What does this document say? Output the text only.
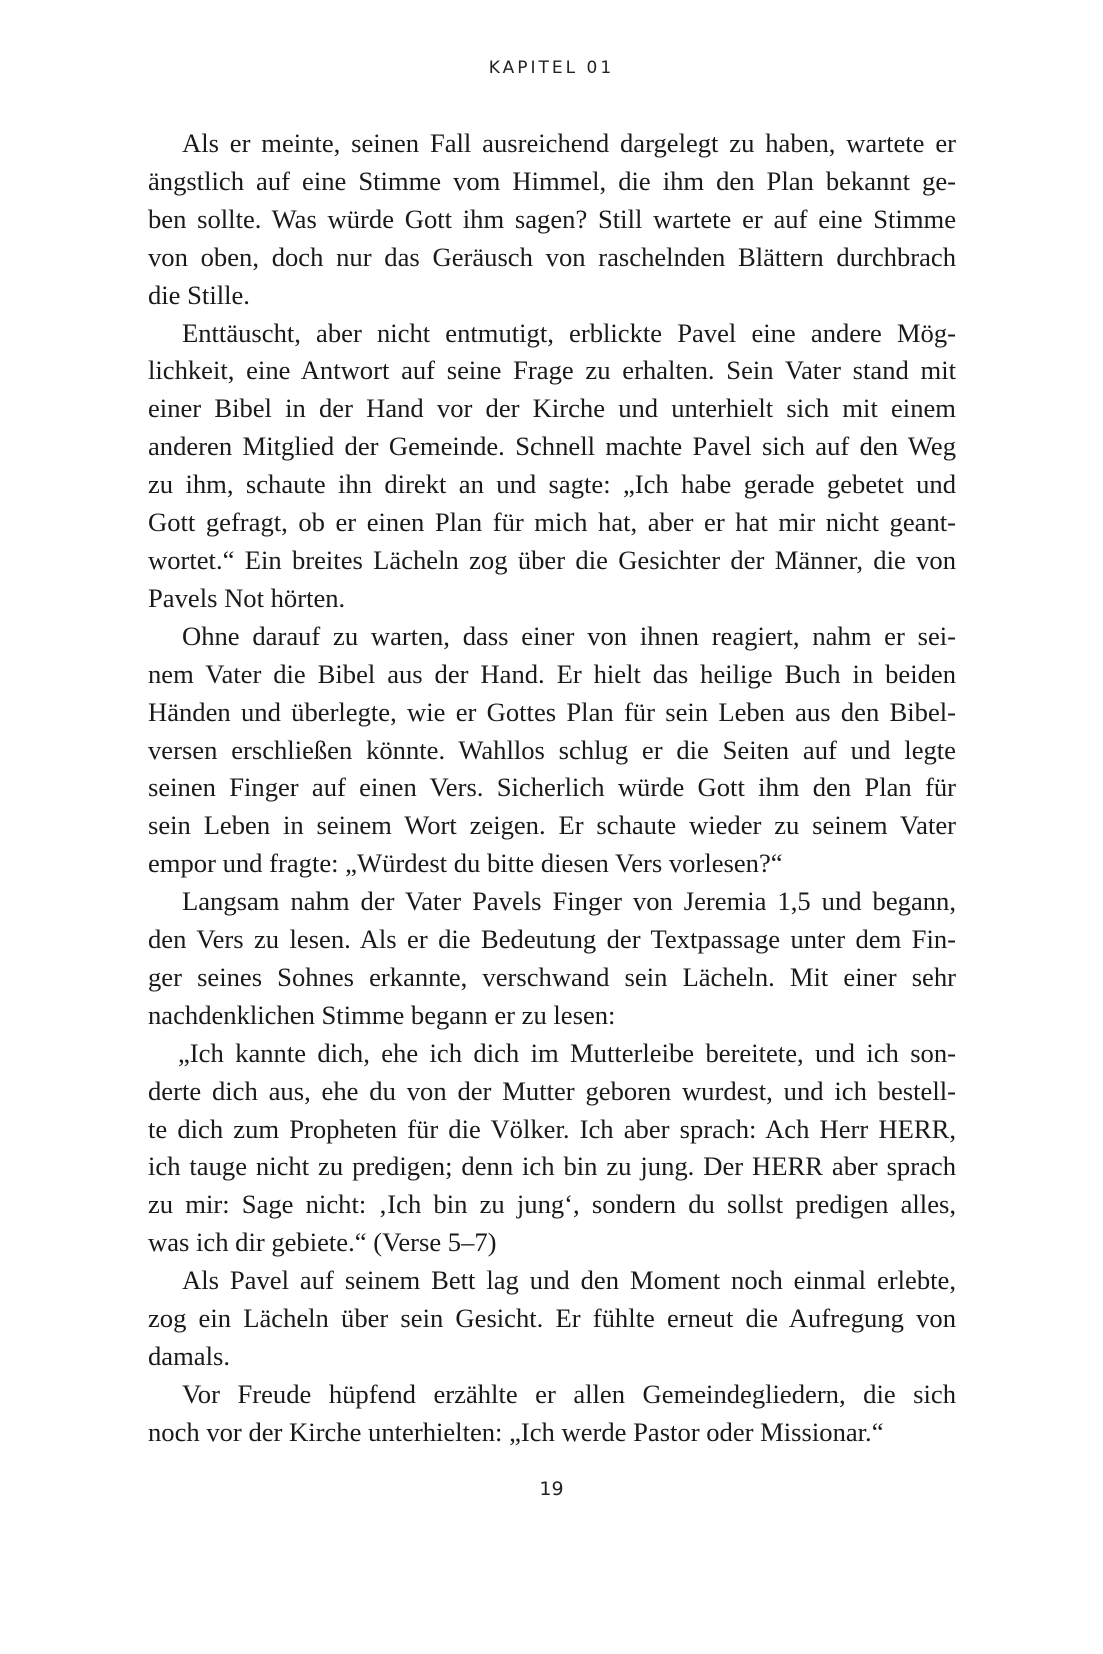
KAPITEL 01

Als er meinte, seinen Fall ausreichend dargelegt zu haben, wartete er
ängstlich auf eine Stimme vom Himmel, die ihm den Plan bekannt ge-
ben sollte. Was würde Gott ihm sagen? Still wartete er auf eine Stimme
von oben, doch nur das Geräusch von raschelnden Blättern durchbrach
die Stille.

Enttäuscht, aber nicht entmutigt, erblickte Pavel eine andere Mög-
lichkeit, eine Antwort auf seine Frage zu erhalten. Sein Vater stand mit
einer Bibel in der Hand vor der Kirche und unterhielt sich mit einem
anderen Mitglied der Gemeinde. Schnell machte Pavel sich auf den Weg
zu ihm, schaute ihn direkt an und sagte: „Ich habe gerade gebetet und
Gott gefragt, ob er einen Plan für mich hat, aber er hat mir nicht geant-
wortet.“ Ein breites Lächeln zog über die Gesichter der Männer, die von
Pavels Not hörten.

Ohne darauf zu warten, dass einer von ihnen reagiert, nahm er sei-
nem Vater die Bibel aus der Hand. Er hielt das heilige Buch in beiden
Händen und überlegte, wie er Gottes Plan für sein Leben aus den Bibel-
versen erschließen könnte. Wahllos schlug er die Seiten auf und legte
seinen Finger auf einen Vers. Sicherlich würde Gott ihm den Plan für
sein Leben in seinem Wort zeigen. Er schaute wieder zu seinem Vater
empor und fragte: „Würdest du bitte diesen Vers vorlesen?“

Langsam nahm der Vater Pavels Finger von Jeremia 1,5 und begann,
den Vers zu lesen. Als er die Bedeutung der Textpassage unter dem Fin-
ger seines Sohnes erkannte, verschwand sein Lächeln. Mit einer sehr
nachdenklichen Stimme begann er zu lesen:

„Ich kannte dich, ehe ich dich im Mutterleibe bereitete, und ich son-
derte dich aus, ehe du von der Mutter geboren wurdest, und ich bestell-
te dich zum Propheten für die Völker. Ich aber sprach: Ach Herr HERR,
ich tauge nicht zu predigen; denn ich bin zu jung. Der HERR aber sprach
zu mir: Sage nicht: ‚Ich bin zu jung‘, sondern du sollst predigen alles,
was ich dir gebiete.“ (Verse 5–7)

Als Pavel auf seinem Bett lag und den Moment noch einmal erlebte,
zog ein Lächeln über sein Gesicht. Er fühlte erneut die Aufregung von
damals.

Vor Freude hüpfend erzählte er allen Gemeindegliedern, die sich
noch vor der Kirche unterhielten: „Ich werde Pastor oder Missionar.“

19
